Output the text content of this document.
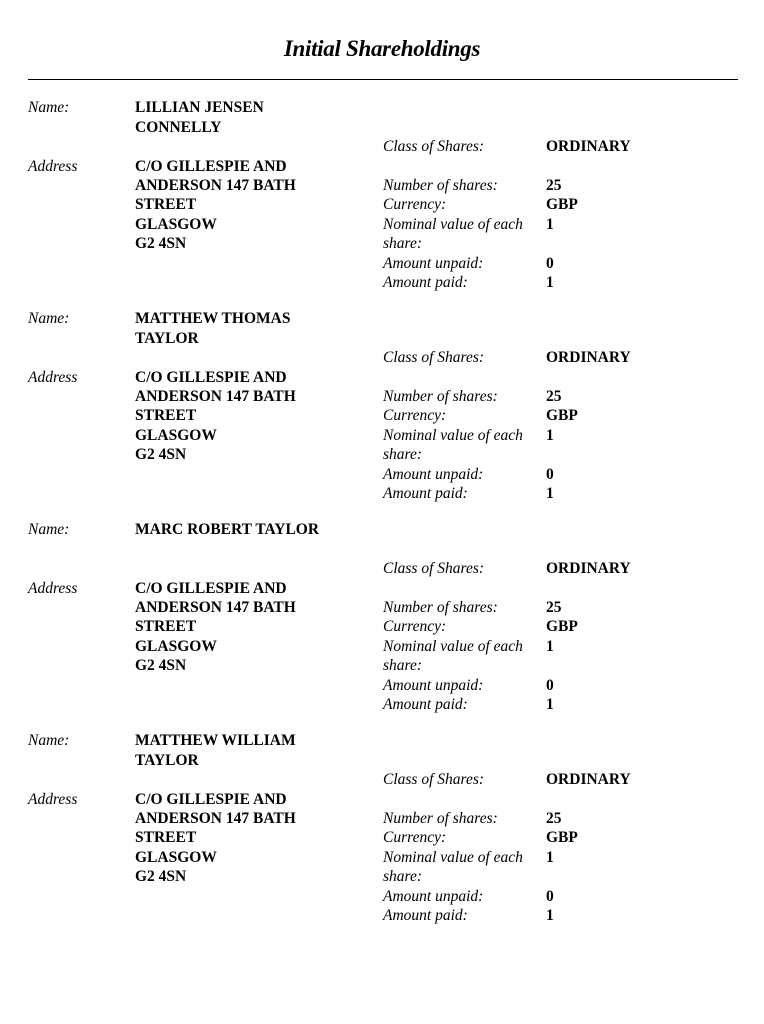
Initial Shareholdings
Name:	LILLIAN JENSEN
CONNELLY
Class of Shares:	ORDINARY
Address	C/O GILLESPIE AND
ANDERSON 147 BATH
STREET
GLASGOW
G2 4SN
Number of shares:	25
Currency:	GBP
Nominal value of each
share:
1
Amount unpaid:	0
Amount paid:	1
Name:	MATTHEW THOMAS
TAYLOR
Class of Shares:	ORDINARY
Address	C/O GILLESPIE AND
ANDERSON 147 BATH
STREET
GLASGOW
G2 4SN
Number of shares:	25
Currency:	GBP
Nominal value of each
share:
1
Amount unpaid:	0
Amount paid:	1
Name:	MARC ROBERT TAYLOR
Class of Shares:	ORDINARY
Address	C/O GILLESPIE AND
ANDERSON 147 BATH
STREET
GLASGOW
G2 4SN
Number of shares:	25
Currency:	GBP
Nominal value of each
share:
1
Amount unpaid:	0
Amount paid:	1
Name:	MATTHEW WILLIAM
TAYLOR
Class of Shares:	ORDINARY
Address	C/O GILLESPIE AND
ANDERSON 147 BATH
STREET
GLASGOW
G2 4SN
Number of shares:	25
Currency:	GBP
Nominal value of each
share:
1
Amount unpaid:	0
Amount paid:	1
